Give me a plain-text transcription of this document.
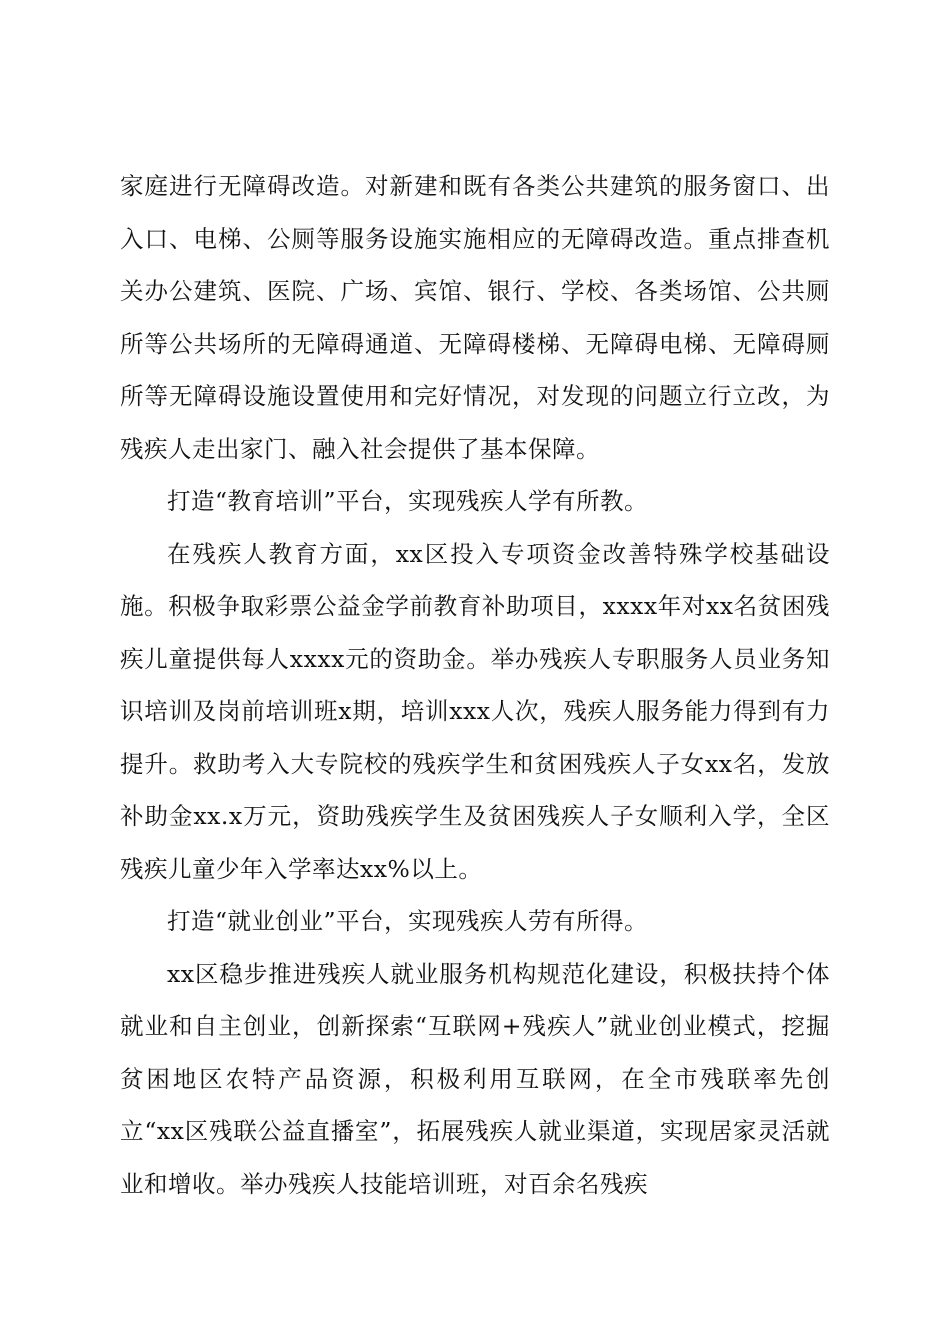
家庭进行无障碍改造。对新建和既有各类公共建筑的服务窗口、出入口、电梯、公厕等服务设施实施相应的无障碍改造。重点排查机关办公建筑、医院、广场、宾馆、银行、学校、各类场馆、公共厕所等公共场所的无障碍通道、无障碍楼梯、无障碍电梯、无障碍厕所等无障碍设施设置使用和完好情况，对发现的问题立行立改，为残疾人走出家门、融入社会提供了基本保障。

打造“教育培训”平台，实现残疾人学有所教。

在残疾人教育方面，xx区投入专项资金改善特殊学校基础设施。积极争取彩票公益金学前教育补助项目，xxxx年对xx名贫困残疾儿童提供每人xxxx元的资助金。举办残疾人专职服务人员业务知识培训及岗前培训班x期，培训xxx人次，残疾人服务能力得到有力提升。救助考入大专院校的残疾学生和贫困残疾人子女xx名，发放补助金xx.x万元，资助残疾学生及贫困残疾人子女顺利入学，全区残疾儿童少年入学率达xx%以上。

打造“就业创业”平台，实现残疾人劳有所得。

xx区稳步推进残疾人就业服务机构规范化建设，积极扶持个体就业和自主创业，创新探索“互联网+残疾人”就业创业模式，挖掘贫困地区农特产品资源，积极利用互联网，在全市残联率先创立“xx区残联公益直播室”，拓展残疾人就业渠道，实现居家灵活就业和增收。举办残疾人技能培训班，对百余名残疾
